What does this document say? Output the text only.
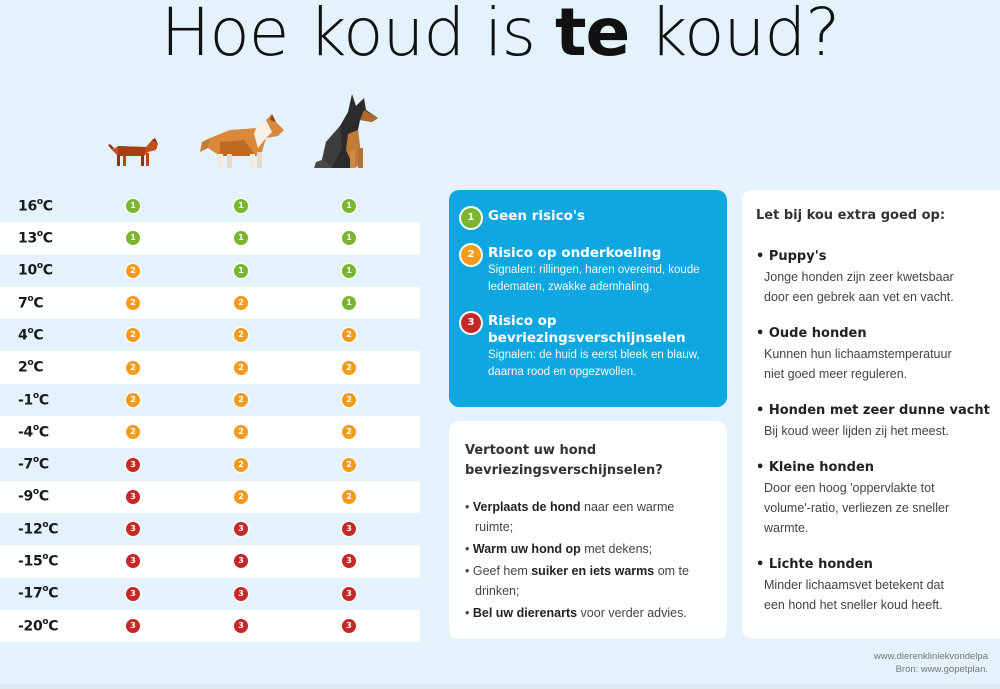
Hoe koud is te koud?
16$^o$C	1	1	1
13$^o$C	1	1	1
10$^o$C	2	1	1
7$^o$C	2	2	1
4$^o$C	2	2	2
2$^o$C	2	2	2
-1$^o$C	2	2	2
-4$^o$C	2	2	2
-7$^o$C	3	2	2
-9$^o$C	3	2	2
-12$^o$C	3	3	3
-15$^o$C	3	3	3
-17$^o$C	3	3	3
-20$^o$C	3	3	3
1	Geen risico's
2	Risico op onderkoeling
Signalen: rillingen, haren overeind, koude ledematen, zwakke ademhaling.
3	Risico op bevriezingsverschijnselen
Signalen: de huid is eerst bleek en blauw, daarna rood en opgezwollen.
Vertoont uw hond bevriezingsverschijnselen?
• Verplaats de hond naar een warme ruimte;
• Warm uw hond op met dekens;
• Geef hem suiker en iets warms om te drinken;
• Bel uw dierenarts voor verder advies.
Let bij kou extra goed op:
• Puppy's
Jonge honden zijn zeer kwetsbaar
door een gebrek aan vet en vacht.
• Oude honden
Kunnen hun lichaamstemperatuur
niet goed meer reguleren.
• Honden met zeer dunne vacht
Bij koud weer lijden zij het meest.
• Kleine honden
Door een hoog 'oppervlakte tot
volume'-ratio, verliezen ze sneller
warmte.
• Lichte honden
Minder lichaamsvet betekent dat
een hond het sneller koud heeft.
www.dierenkliniekvondelpa
Bron: www.gopetplan.
